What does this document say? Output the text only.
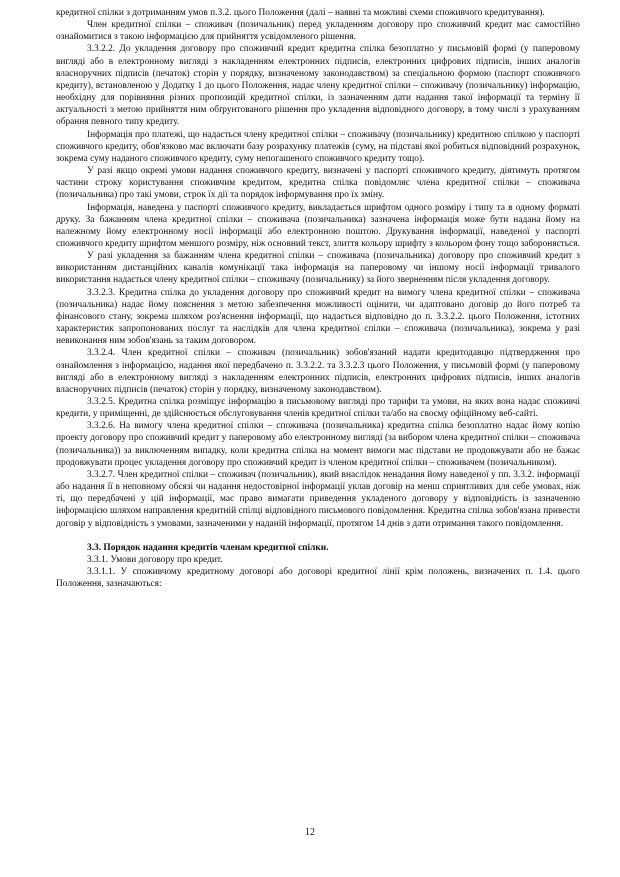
кредитної спілки з дотриманням умов п.3.2. цього Положення (далі – наявні та можливі схеми споживчого кредитування).

Член кредитної спілки – споживач (позичальник) перед укладенням договору про споживчий кредит має самостійно ознайомитися з такою інформацією для прийняття усвідомленого рішення.

3.3.2.2. До укладення договору про споживчий кредит кредитна спілка безоплатно у письмовій формі (у паперовому вигляді або в електронному вигляді з накладенням електронних підписів, електронних цифрових підписів, інших аналогів власноручних підписів (печаток) сторін у порядку, визначеному законодавством) за спеціальною формою (паспорт споживчого кредиту), встановленою у Додатку 1 до цього Положення, надає члену кредитної спілки – споживачу (позичальнику) інформацію, необхідну для порівняння різних пропозицій кредитної спілки, із зазначенням дати надання такої інформації та терміну її актуальності з метою прийняття ним обґрунтованого рішення про укладення відповідного договору, в тому числі з урахуванням обрання певного типу кредиту.

Інформація про платежі, що надається члену кредитної спілки – споживачу (позичальнику) кредитною спілкою у паспорті споживчого кредиту, обов'язково має включати базу розрахунку платежів (суму, на підставі якої робиться відповідний розрахунок, зокрема суму наданого споживчого кредиту, суму непогашеного споживчого кредиту тощо).

У разі якщо окремі умови надання споживчого кредиту, визначені у паспорті споживчого кредиту, діятимуть протягом частини строку користування споживчим кредитом, кредитна спілка повідомляє члена кредитної спілки – споживача (позичальника) про такі умови, строк їх дії та порядок інформування про їх зміну.

Інформація, наведена у паспорті споживчого кредиту, викладається шрифтом одного розміру і типу та в одному форматі друку. За бажанням члена кредитної спілки – споживача (позичальника) зазначена інформація може бути надана йому на належному йому електронному носії інформації або електронною поштою. Друкування інформації, наведеної у паспорті споживчого кредиту шрифтом меншого розміру, ніж основний текст, злиття кольору шрифту з кольором фону тощо забороняється.

У разі укладення за бажанням члена кредитної спілки – споживача (позичальника) договору про споживчий кредит з використанням дистанційних каналів комунікації така інформація на паперовому чи іншому носії інформації тривалого використання надається члену кредитної спілки – споживачу (позичальнику) за його зверненням після укладення договору.

3.3.2.3. Кредитна спілка до укладення договору про споживчий кредит на вимогу члена кредитної спілки – споживача (позичальника) надає йому пояснення з метою забезпечення можливості оцінити, чи адаптовано договір до його потреб та фінансового стану, зокрема шляхом роз'яснення інформації, що надається відповідно до п. 3.3.2.2. цього Положення, істотних характеристик запропонованих послуг та наслідків для члена кредитної спілки – споживача (позичальника), зокрема у разі невиконання ним зобов'язань за таким договором.

3.3.2.4. Член кредитної спілки – споживач (позичальник) зобов'язаний надати кредитодавцю підтвердження про ознайомлення з інформацією, надання якої передбачено п. 3.3.2.2. та 3.3.2.3 цього Положення, у письмовій формі (у паперовому вигляді або в електронному вигляді з накладенням електронних підписів, електронних цифрових підписів, інших аналогів власноручних підписів (печаток) сторін у порядку, визначеному законодавством).

3.3.2.5. Кредитна спілка розміщує інформацію в письмовому вигляді про тарифи та умови, на яких вона надає споживчі кредити, у приміщенні, де здійснюється обслуговування членів кредитної спілки та/або на своєму офіційному веб-сайті.

3.3.2.6. На вимогу члена кредитної спілки – споживача (позичальника) кредитна спілка безоплатно надає йому копію проекту договору про споживчий кредит у паперовому або електронному вигляді (за вибором члена кредитної спілки – споживача (позичальника)) за виключенням випадку, коли кредитна спілка на момент вимоги має підстави не продовжувати або не бажає продовжувати процес укладення договору про споживчий кредит із членом кредитної спілки – споживачем (позичальником).

3.3.2.7. Член кредитної спілки – споживач (позичальник), який внаслідок ненадання йому наведеної у пп. 3.3.2. інформації або надання її в неповному обсязі чи надання недостовірної інформації уклав договір на менш сприятливих для себе умовах, ніж ті, що передбачені у цій інформації, має право вимагати приведення укладеного договору у відповідність із зазначеною інформацією шляхом направлення кредитній спілці відповідного письмового повідомлення. Кредитна спілка зобов'язана привести договір у відповідність з умовами, зазначеними у наданій інформації, протягом 14 днів з дати отримання такого повідомлення.

3.3. Порядок надання кредитів членам кредитної спілки.

3.3.1. Умови договору про кредит.

3.3.1.1. У споживчому кредитному договорі або договорі кредитної лінії крім положень, визначених п. 1.4. цього Положення, зазначаються:

12
